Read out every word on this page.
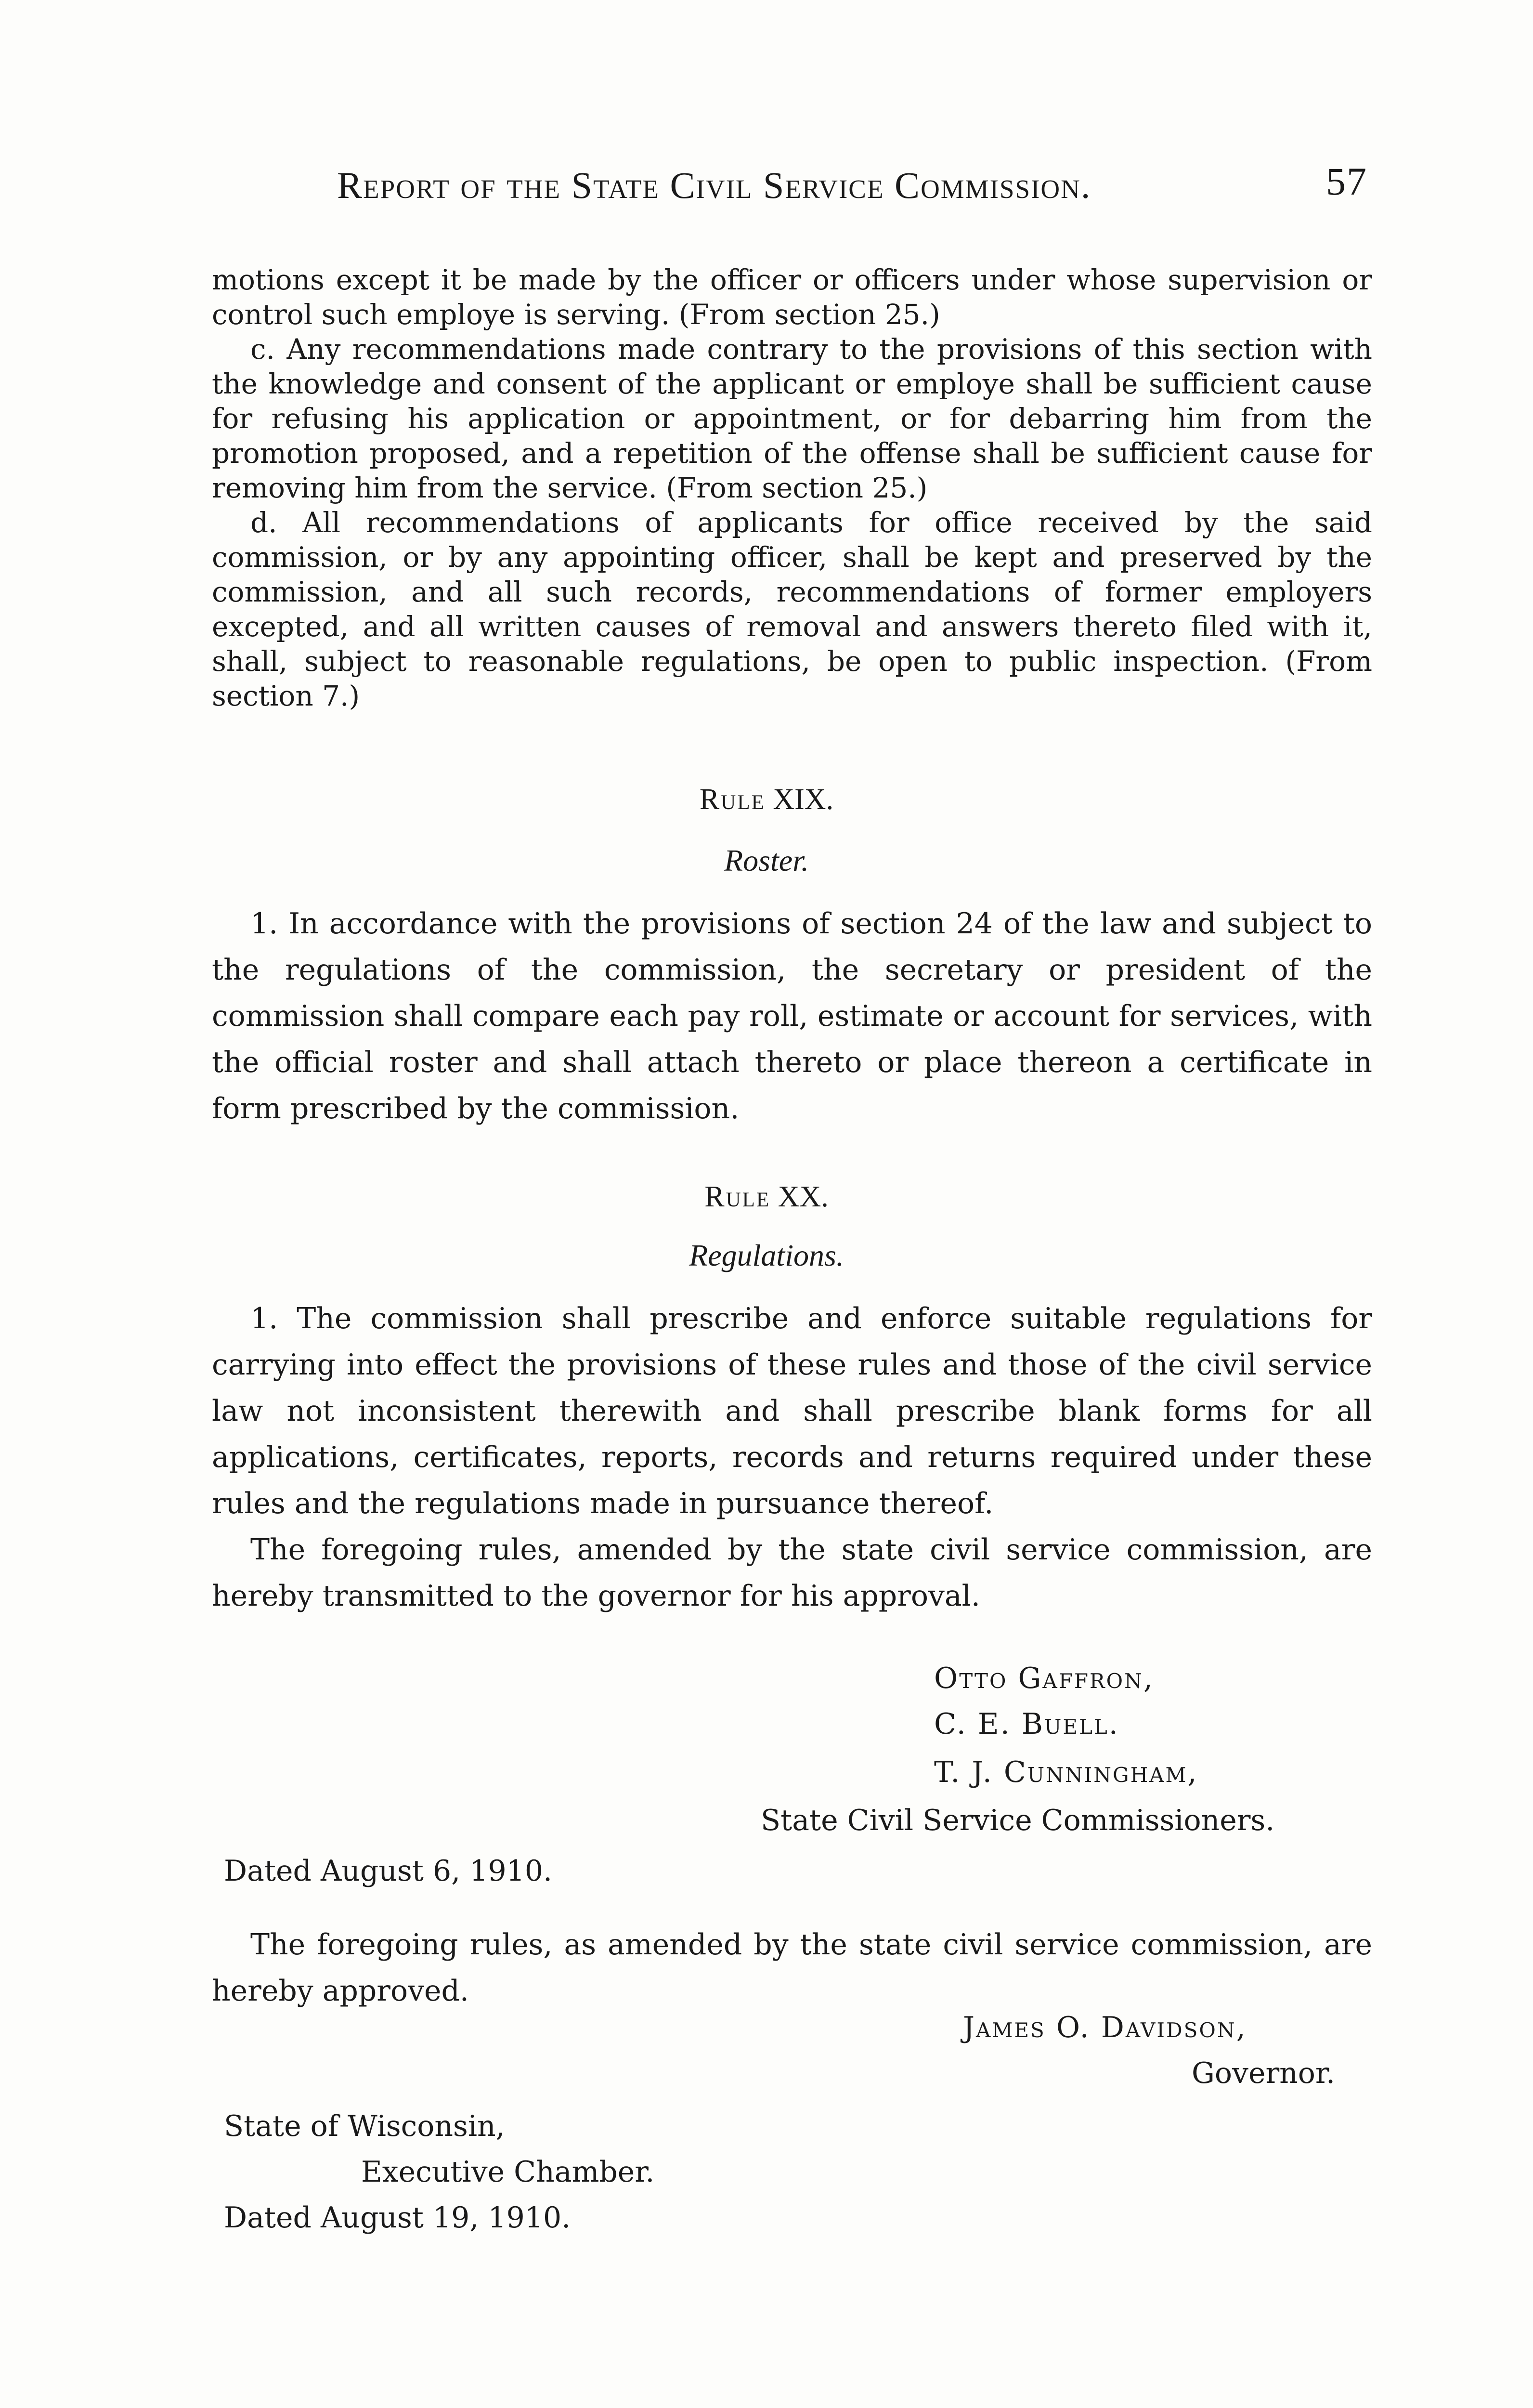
Report of the State Civil Service Commission.	57

motions except it be made by the officer or officers under whose supervision or control such employe is serving. (From section 25.)

c. Any recommendations made contrary to the provisions of this section with the knowledge and consent of the applicant or employe shall be sufficient cause for refusing his application or appointment, or for debarring him from the promotion proposed, and a repetition of the offense shall be sufficient cause for removing him from the service. (From section 25.)

d. All recommendations of applicants for office received by the said commission, or by any appointing officer, shall be kept and preserved by the commission, and all such records, recommendations of former employers excepted, and all written causes of removal and answers thereto filed with it, shall, subject to reasonable regulations, be open to public inspection. (From section 7.)

Rule XIX.
Roster.

1. In accordance with the provisions of section 24 of the law and subject to the regulations of the commission, the secretary or president of the commission shall compare each pay roll, estimate or account for services, with the official roster and shall attach thereto or place thereon a certificate in form prescribed by the commission.

Rule XX.
Regulations.

1. The commission shall prescribe and enforce suitable regulations for carrying into effect the provisions of these rules and those of the civil service law not inconsistent therewith and shall prescribe blank forms for all applications, certificates, reports, records and returns required under these rules and the regulations made in pursuance thereof.

The foregoing rules, amended by the state civil service commission, are hereby transmitted to the governor for his approval.

Otto Gaffron,
C. E. Buell.
T. J. Cunningham,
State Civil Service Commissioners.
Dated August 6, 1910.

The foregoing rules, as amended by the state civil service commission, are hereby approved.

James O. Davidson,
Governor.
State of Wisconsin,
Executive Chamber.
Dated August 19, 1910.
